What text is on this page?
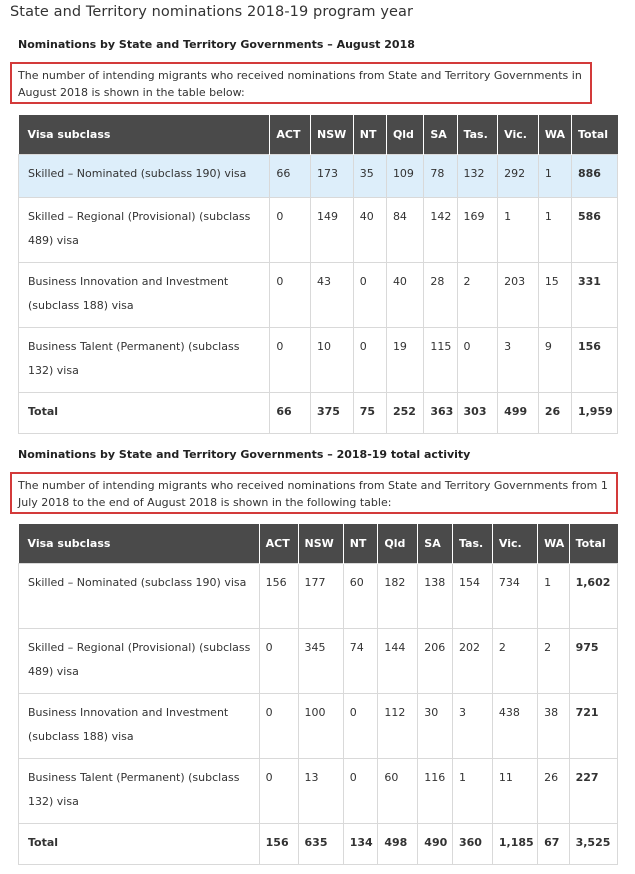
State and Territory nominations 2018-19 program year
Nominations by State and Territory Governments – August 2018
The number of intending migrants who received nominations from State and Territory Governments in August 2018 is shown in the table below:
Visa subclass	ACT	NSW	NT	Qld	SA	Tas.	Vic.	WA	Total
Skilled – Nominated (subclass 190) visa	66	173	35	109	78	132	292	1	886
Skilled – Regional (Provisional) (subclass 489) visa	0	149	40	84	142	169	1	1	586
Business Innovation and Investment (subclass 188) visa	0	43	0	40	28	2	203	15	331
Business Talent (Permanent) (subclass 132) visa	0	10	0	19	115	0	3	9	156
Total	66	375	75	252	363	303	499	26	1,959
Nominations by State and Territory Governments – 2018-19 total activity
The number of intending migrants who received nominations from State and Territory Governments from 1 July 2018 to the end of August 2018 is shown in the following table:
Visa subclass	ACT	NSW	NT	Qld	SA	Tas.	Vic.	WA	Total
Skilled – Nominated (subclass 190) visa	156	177	60	182	138	154	734	1	1,602
Skilled – Regional (Provisional) (subclass 489) visa	0	345	74	144	206	202	2	2	975
Business Innovation and Investment (subclass 188) visa	0	100	0	112	30	3	438	38	721
Business Talent (Permanent) (subclass 132) visa	0	13	0	60	116	1	11	26	227
Total	156	635	134	498	490	360	1,185	67	3,525
